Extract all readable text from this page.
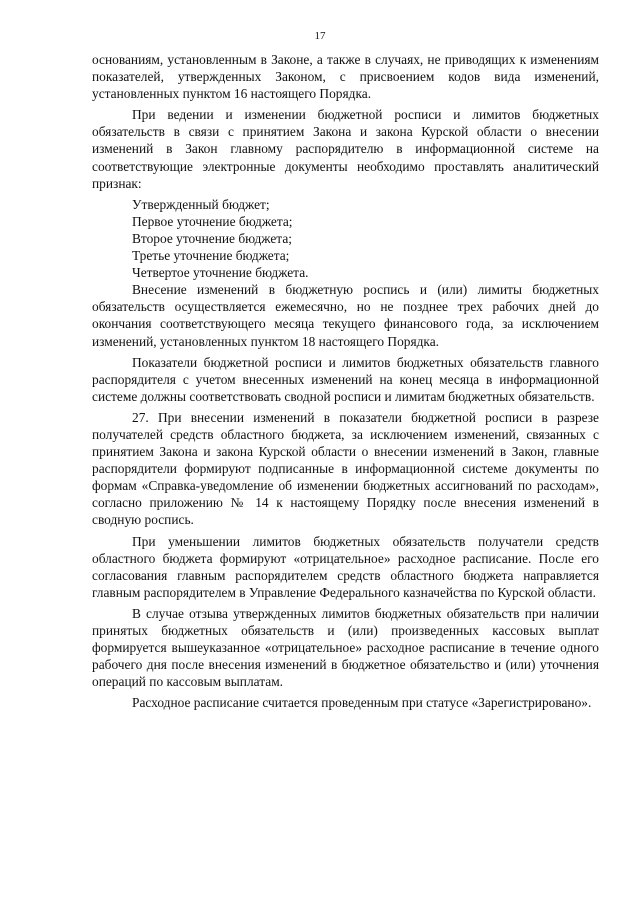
17

основаниям, установленным в Законе, а также в случаях, не приводящих к изменениям показателей, утвержденных Законом, с присвоением кодов вида изменений, установленных пунктом 16 настоящего Порядка.

При ведении и изменении бюджетной росписи и лимитов бюджетных обязательств в связи с принятием Закона и закона Курской области о внесении изменений в Закон главному распорядителю в информационной системе на соответствующие электронные документы необходимо проставлять аналитический признак:

Утвержденный бюджет;
Первое уточнение бюджета;
Второе уточнение бюджета;
Третье уточнение бюджета;
Четвертое уточнение бюджета.

Внесение изменений в бюджетную роспись и (или) лимиты бюджетных обязательств осуществляется ежемесячно, но не позднее трех рабочих дней до окончания соответствующего месяца текущего финансового года, за исключением изменений, установленных пунктом 18 настоящего Порядка.

Показатели бюджетной росписи и лимитов бюджетных обязательств главного распорядителя с учетом внесенных изменений на конец месяца в информационной системе должны соответствовать сводной росписи и лимитам бюджетных обязательств.

27. При внесении изменений в показатели бюджетной росписи в разрезе получателей средств областного бюджета, за исключением изменений, связанных с принятием Закона и закона Курской области о внесении изменений в Закон, главные распорядители формируют подписанные в информационной системе документы по формам «Справка-уведомление об изменении бюджетных ассигнований по расходам», согласно приложению № 14 к настоящему Порядку после внесения изменений в сводную роспись.

При уменьшении лимитов бюджетных обязательств получатели средств областного бюджета формируют «отрицательное» расходное расписание. После его согласования главным распорядителем средств областного бюджета направляется главным распорядителем в Управление Федерального казначейства по Курской области.

В случае отзыва утвержденных лимитов бюджетных обязательств при наличии принятых бюджетных обязательств и (или) произведенных кассовых выплат формируется вышеуказанное «отрицательное» расходное расписание в течение одного рабочего дня после внесения изменений в бюджетное обязательство и (или) уточнения операций по кассовым выплатам.

Расходное расписание считается проведенным при статусе «Зарегистрировано».
